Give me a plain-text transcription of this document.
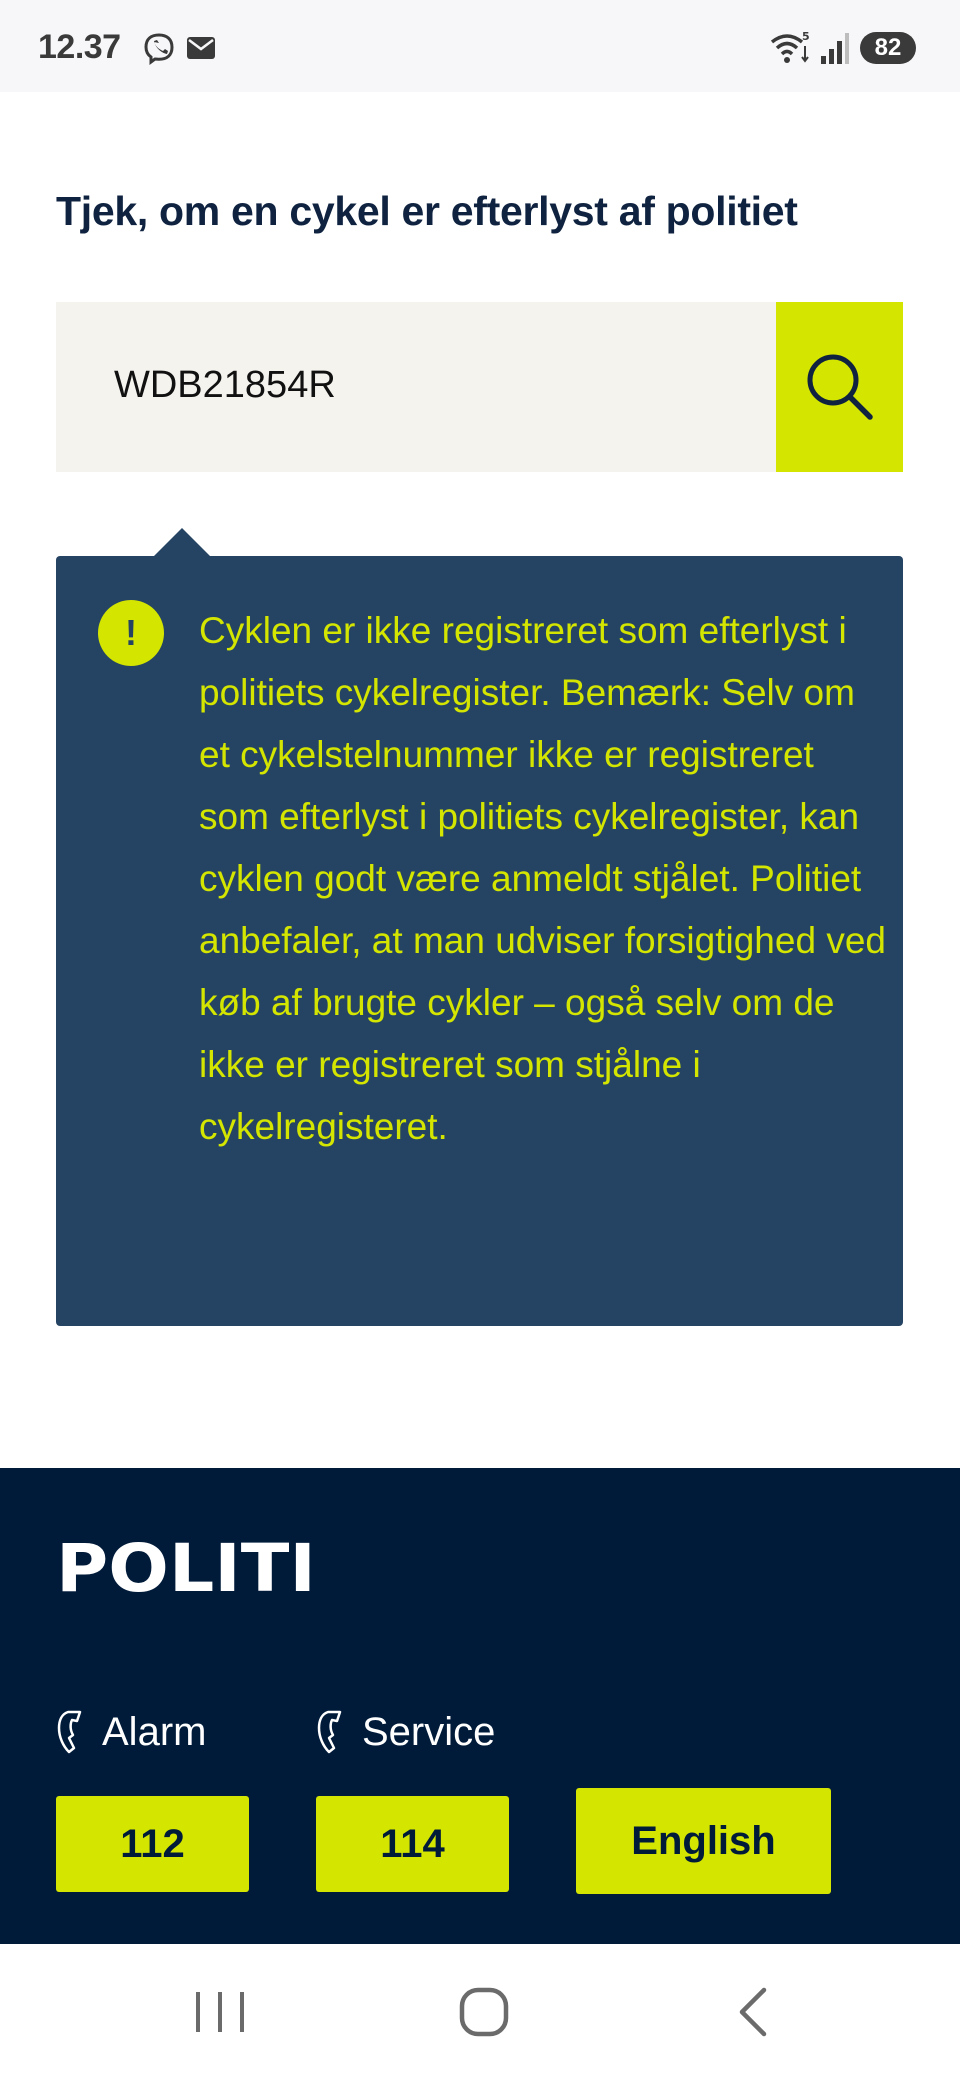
12.37	5	82
Tjek, om en cykel er efterlyst af politiet
WDB21854R
!	Cyklen er ikke registreret som efterlyst i politiets cykelregister. Bemærk: Selv om et cykelstelnummer ikke er registreret som efterlyst i politiets cykelregister, kan cyklen godt være anmeldt stjålet. Politiet anbefaler, at man udviser forsigtighed ved køb af brugte cykler – også selv om de ikke er registreret som stjålne i cykelregisteret.

POLITI
Alarm	Service
112	114	English
